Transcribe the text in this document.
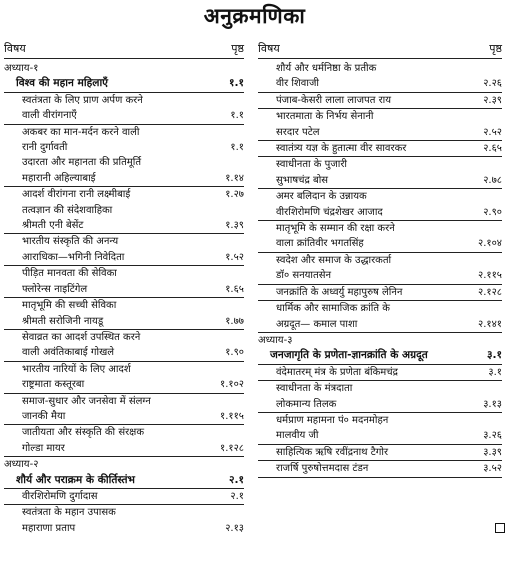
अनुक्रमणिका
विषय	पृष्ठ
अध्याय-१
विश्व की महान महिलाएँ	१.१
स्वतंत्रता के लिए प्राण अर्पण करने
वाली वीरांगनाएँ	१.१
अकबर का मान-मर्दन करने वाली
रानी दुर्गावती	१.१
उदारता और महानता की प्रतिमूर्ति
महारानी अहिल्याबाई	१.१४
आदर्श वीरांगना रानी लक्ष्मीबाई	१.२७
तत्वज्ञान की संदेशवाहिका
श्रीमती एनी बेसेंट	१.३९
भारतीय संस्कृति की अनन्य
आराधिका—भगिनी निवेदिता	१.५२
पीड़ित मानवता की सेविका
फ्लोरेन्स नाइटिंगेल	१.६५
मातृभूमि की सच्ची सेविका
श्रीमती सरोजिनी नायडू	१.७७
सेवाव्रत का आदर्श उपस्थित करने
वाली अवंतिकाबाई गोखले	१.९०
भारतीय नारियों के लिए आदर्श
राष्ट्रमाता कस्तूरबा	१.१०२
समाज-सुधार और जनसेवा में संलग्न
जानकी मैया	१.११५
जातीयता और संस्कृति की संरक्षक
गोल्डा मायर	१.१२८
अध्याय-२
शौर्य और पराक्रम के कीर्तिस्तंभ	२.१
वीरशिरोमणि दुर्गादास	२.१
स्वतंत्रता के महान उपासक
महाराणा प्रताप	२.१३
विषय	पृष्ठ
शौर्य और धर्मनिष्ठा के प्रतीक
वीर शिवाजी	२.२६
पंजाब-केसरी लाला लाजपत राय	२.३९
भारतमाता के निर्भय सेनानी
सरदार पटेल	२.५२
स्वातंत्र्य यज्ञ के हुतात्मा वीर सावरकर	२.६५
स्वाधीनता के पुजारी
सुभाषचंद्र बोस	२.७८
अमर बलिदान के उन्नायक
वीरशिरोमणि चंद्रशेखर आजाद	२.९०
मातृभूमि के सम्मान की रक्षा करने
वाला क्रांतिवीर भगतसिंह	२.१०४
स्वदेश और समाज के उद्धारकर्ता
डॉ० सनयातसेन	२.११५
जनक्रांति के अध्वर्यु महापुरुष लेनिन	२.१२८
धार्मिक और सामाजिक क्रांति के
अग्रदूत— कमाल पाशा	२.१४१
अध्याय-३
जनजागृति के प्रणेता-ज्ञानक्रांति के अग्रदूत	३.१
वंदेमातरम् मंत्र के प्रणेता बंकिमचंद्र	३.१
स्वाधीनता के मंत्रदाता
लोकमान्य तिलक	३.१३
धर्मप्राण महामना पं० मदनमोहन
मालवीय जी	३.२६
साहित्यिक ऋषि रवींद्रनाथ टैगोर	३.३९
राजर्षि पुरुषोत्तमदास टंडन	३.५२
